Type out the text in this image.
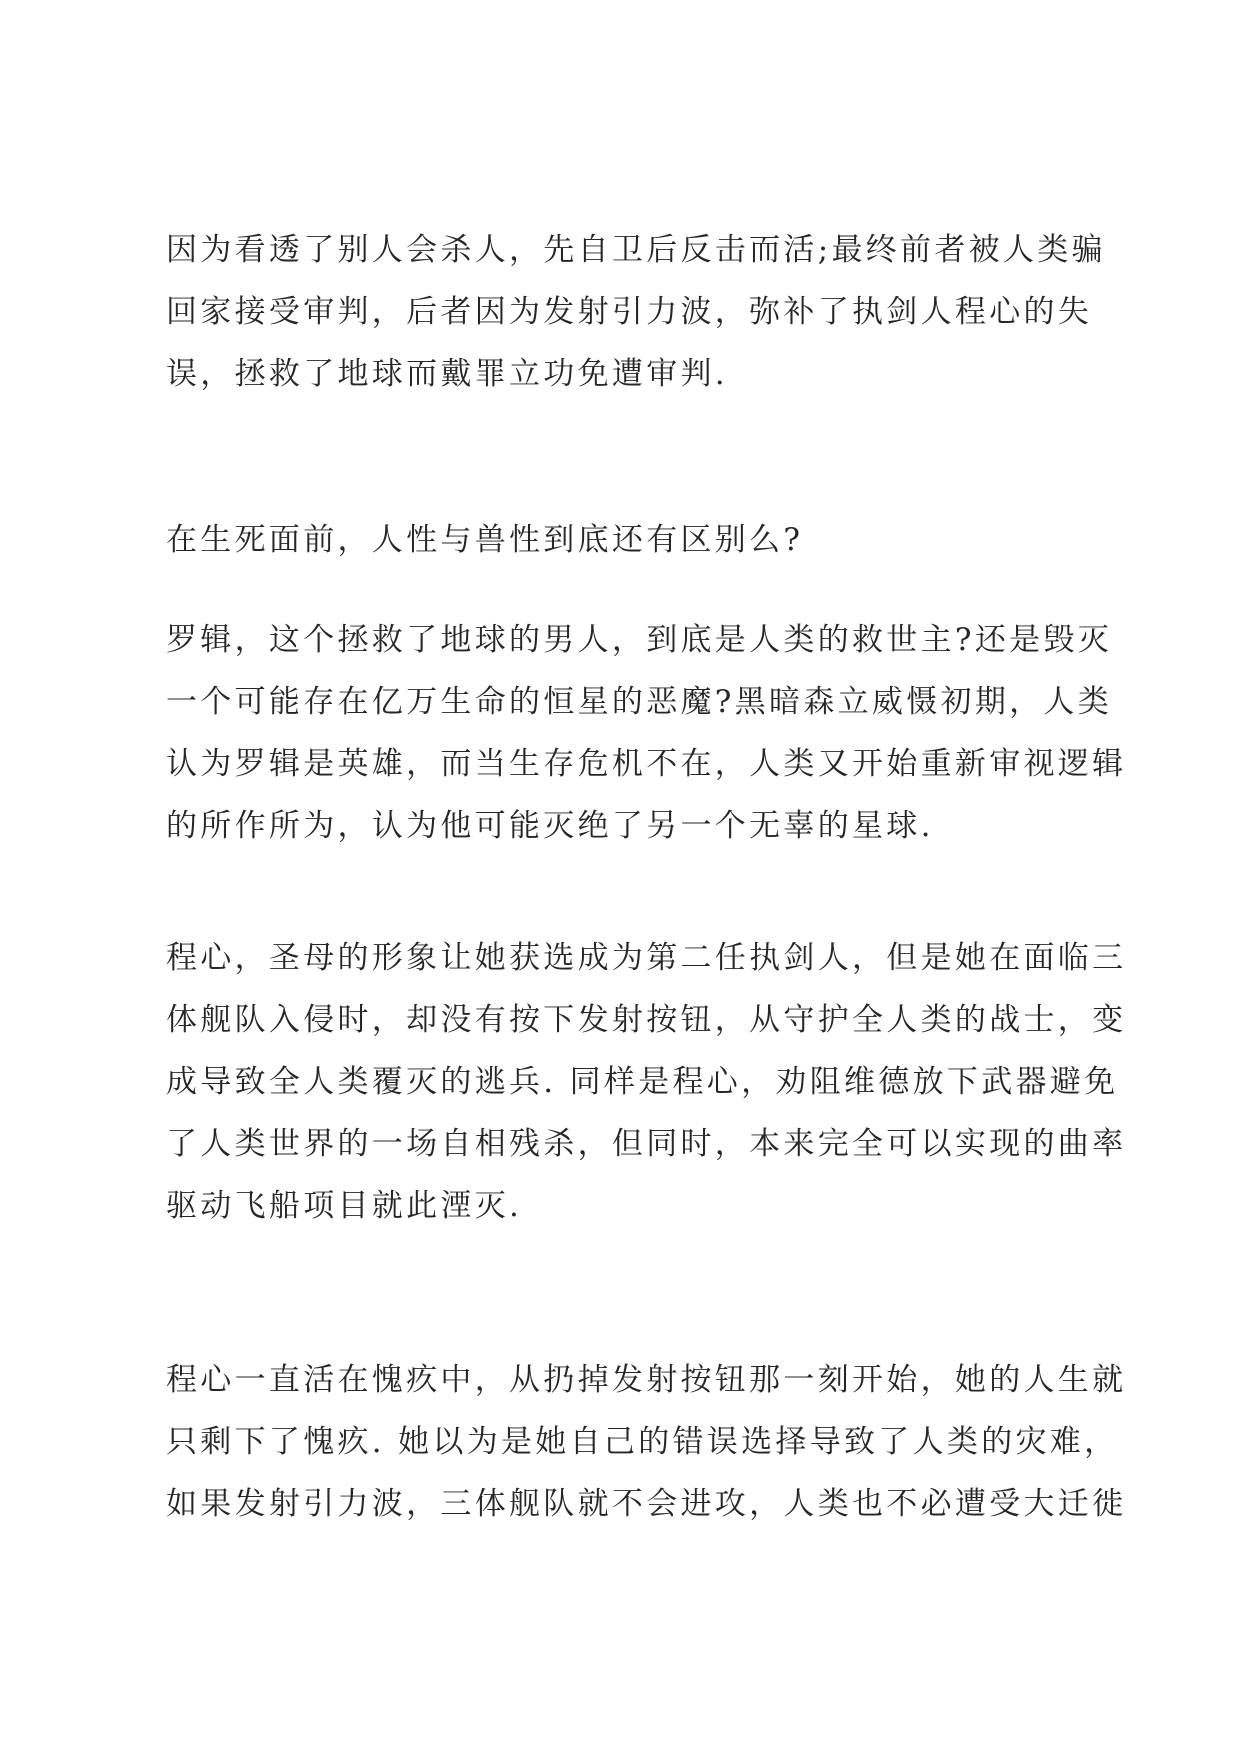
因为看透了别人会杀人，先自卫后反击而活;最终前者被人类骗
回家接受审判，后者因为发射引力波，弥补了执剑人程心的失
误，拯救了地球而戴罪立功免遭审判.

在生死面前，人性与兽性到底还有区别么?

罗辑，这个拯救了地球的男人，到底是人类的救世主?还是毁灭
一个可能存在亿万生命的恒星的恶魔?黑暗森立威慑初期，人类
认为罗辑是英雄，而当生存危机不在，人类又开始重新审视逻辑
的所作所为，认为他可能灭绝了另一个无辜的星球.

程心，圣母的形象让她获选成为第二任执剑人，但是她在面临三
体舰队入侵时，却没有按下发射按钮，从守护全人类的战士，变
成导致全人类覆灭的逃兵. 同样是程心，劝阻维德放下武器避免
了人类世界的一场自相残杀，但同时，本来完全可以实现的曲率
驱动飞船项目就此湮灭.

程心一直活在愧疚中，从扔掉发射按钮那一刻开始，她的人生就
只剩下了愧疚. 她以为是她自己的错误选择导致了人类的灾难，
如果发射引力波，三体舰队就不会进攻，人类也不必遭受大迁徙
